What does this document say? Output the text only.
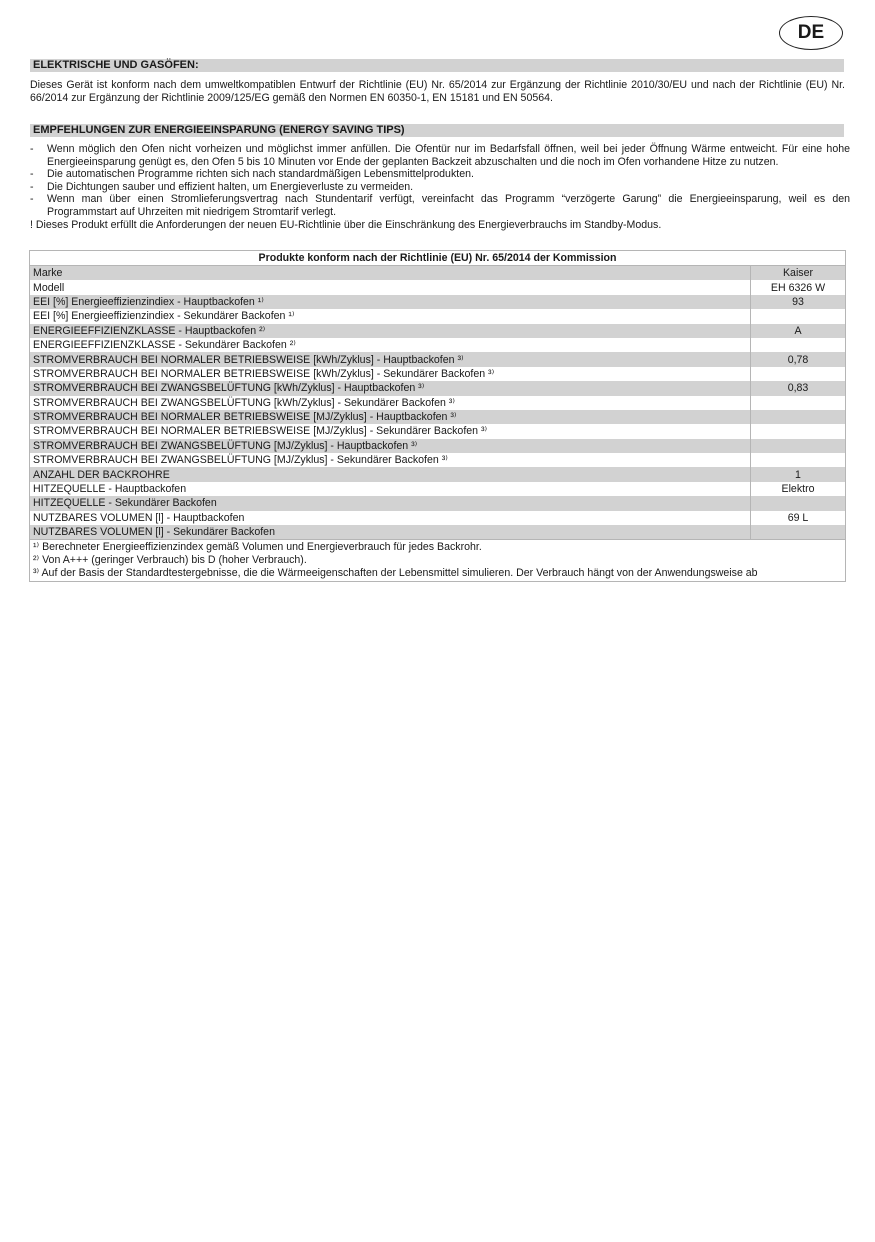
DE
ELEKTRISCHE UND GASÖFEN:
Dieses Gerät ist konform nach dem umweltkompatiblen Entwurf der Richtlinie (EU) Nr. 65/2014 zur Ergänzung der Richtlinie 2010/30/EU und nach der Richtlinie (EU) Nr. 66/2014 zur Ergänzung der Richtlinie 2009/125/EG gemäß den Normen EN 60350-1, EN 15181 und EN 50564.
EMPFEHLUNGEN ZUR ENERGIEEINSPARUNG (ENERGY SAVING TIPS)
- Wenn möglich den Ofen nicht vorheizen und möglichst immer anfüllen. Die Ofentür nur im Bedarfsfall öffnen, weil bei jeder Öffnung Wärme entweicht. Für eine hohe Energieeinsparung genügt es, den Ofen 5 bis 10 Minuten vor Ende der geplanten Backzeit abzuschalten und die noch im Ofen vorhandene Hitze zu nutzen.
- Die automatischen Programme richten sich nach standardmäßigen Lebensmittelprodukten.
- Die Dichtungen sauber und effizient halten, um Energieverluste zu vermeiden.
- Wenn man über einen Stromlieferungsvertrag nach Stundentarif verfügt, vereinfacht das Programm “verzögerte Garung” die Energieeinsparung, weil es den Programmstart auf Uhrzeiten mit niedrigem Stromtarif verlegt.
! Dieses Produkt erfüllt die Anforderungen der neuen EU-Richtlinie über die Einschränkung des Energieverbrauchs im Standby-Modus.
Produkte konform nach der Richtlinie (EU) Nr. 65/2014 der Kommission	
Marke	Kaiser
Modell	EH 6326 W
EEI [%] Energieeffizienzindiex - Hauptbackofen ¹⁾	93
EEI [%] Energieeffizienzindiex - Sekundärer Backofen ¹⁾	
ENERGIEEFFIZIENZKLASSE - Hauptbackofen ²⁾	A
ENERGIEEFFIZIENZKLASSE - Sekundärer Backofen ²⁾	
STROMVERBRAUCH BEI NORMALER BETRIEBSWEISE [kWh/Zyklus] - Hauptbackofen ³⁾	0,78
STROMVERBRAUCH BEI NORMALER BETRIEBSWEISE [kWh/Zyklus] - Sekundärer Backofen ³⁾	
STROMVERBRAUCH BEI ZWANGSBELÜFTUNG [kWh/Zyklus] - Hauptbackofen ³⁾	0,83
STROMVERBRAUCH BEI ZWANGSBELÜFTUNG [kWh/Zyklus] - Sekundärer Backofen ³⁾	
STROMVERBRAUCH BEI NORMALER BETRIEBSWEISE [MJ/Zyklus] - Hauptbackofen ³⁾	
STROMVERBRAUCH BEI NORMALER BETRIEBSWEISE [MJ/Zyklus] - Sekundärer Backofen ³⁾	
STROMVERBRAUCH BEI ZWANGSBELÜFTUNG [MJ/Zyklus] - Hauptbackofen ³⁾	
STROMVERBRAUCH BEI ZWANGSBELÜFTUNG [MJ/Zyklus] - Sekundärer Backofen ³⁾	
ANZAHL DER BACKROHRE	1
HITZEQUELLE - Hauptbackofen	Elektro
HITZEQUELLE - Sekundärer Backofen	
NUTZBARES VOLUMEN [l] - Hauptbackofen	69 L
NUTZBARES VOLUMEN [l] - Sekundärer Backofen	

¹⁾ Berechneter Energieeffizienzindex gemäß Volumen und Energieverbrauch für jedes Backrohr.
²⁾ Von A+++ (geringer Verbrauch) bis D (hoher Verbrauch).
³⁾ Auf der Basis der Standardtestergebnisse, die die Wärmeeigenschaften der Lebensmittel simulieren. Der Verbrauch hängt von der Anwendungsweise ab	
